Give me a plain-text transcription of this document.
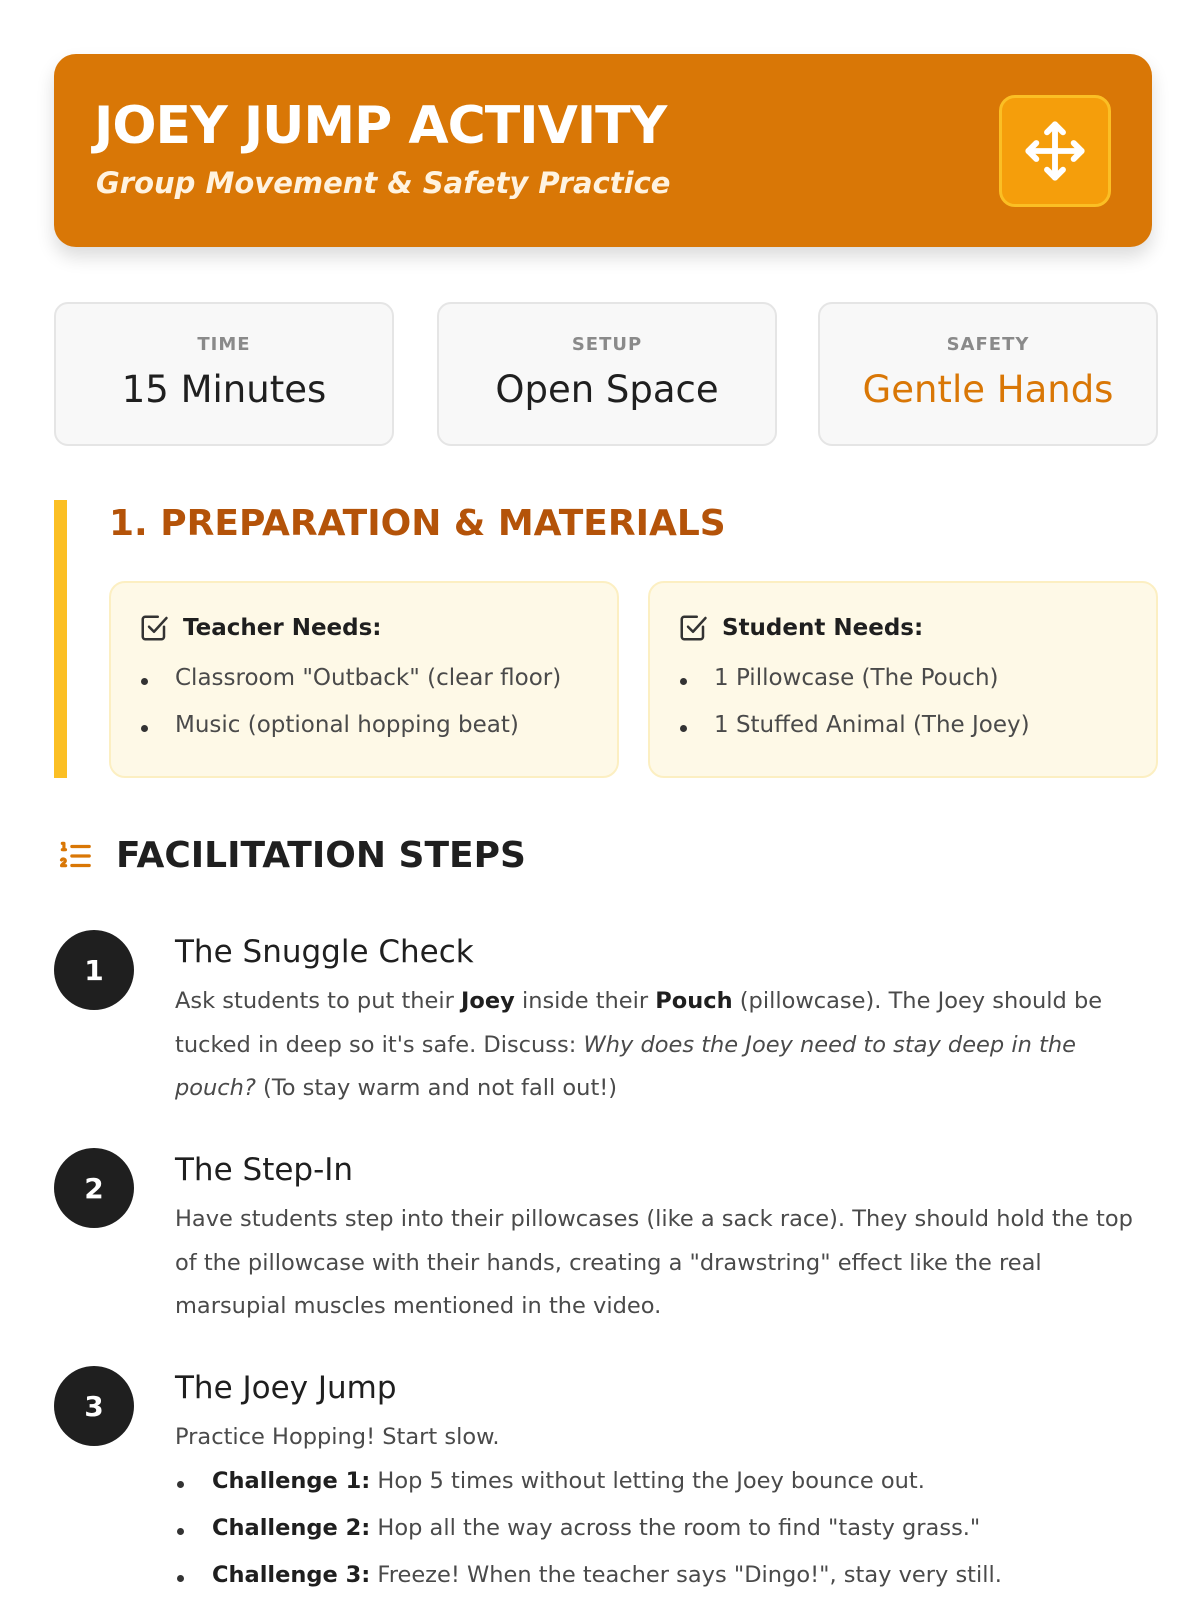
JOEY JUMP ACTIVITY
Group Movement & Safety Practice
TIME
15 Minutes
SETUP
Open Space
SAFETY
Gentle Hands
1. PREPARATION & MATERIALS
Teacher Needs:
Classroom "Outback" (clear floor)
Music (optional hopping beat)
Student Needs:
1 Pillowcase (The Pouch)
1 Stuffed Animal (The Joey)
FACILITATION STEPS
1	The Snuggle Check
Ask students to put their Joey inside their Pouch (pillowcase). The Joey should be tucked in deep so it's safe. Discuss: Why does the Joey need to stay deep in the pouch? (To stay warm and not fall out!)
2	The Step-In
Have students step into their pillowcases (like a sack race). They should hold the top of the pillowcase with their hands, creating a "drawstring" effect like the real marsupial muscles mentioned in the video.
3	The Joey Jump
Practice Hopping! Start slow.
Challenge 1: Hop 5 times without letting the Joey bounce out.
Challenge 2: Hop all the way across the room to find "tasty grass."
Challenge 3: Freeze! When the teacher says "Dingo!", stay very still.
